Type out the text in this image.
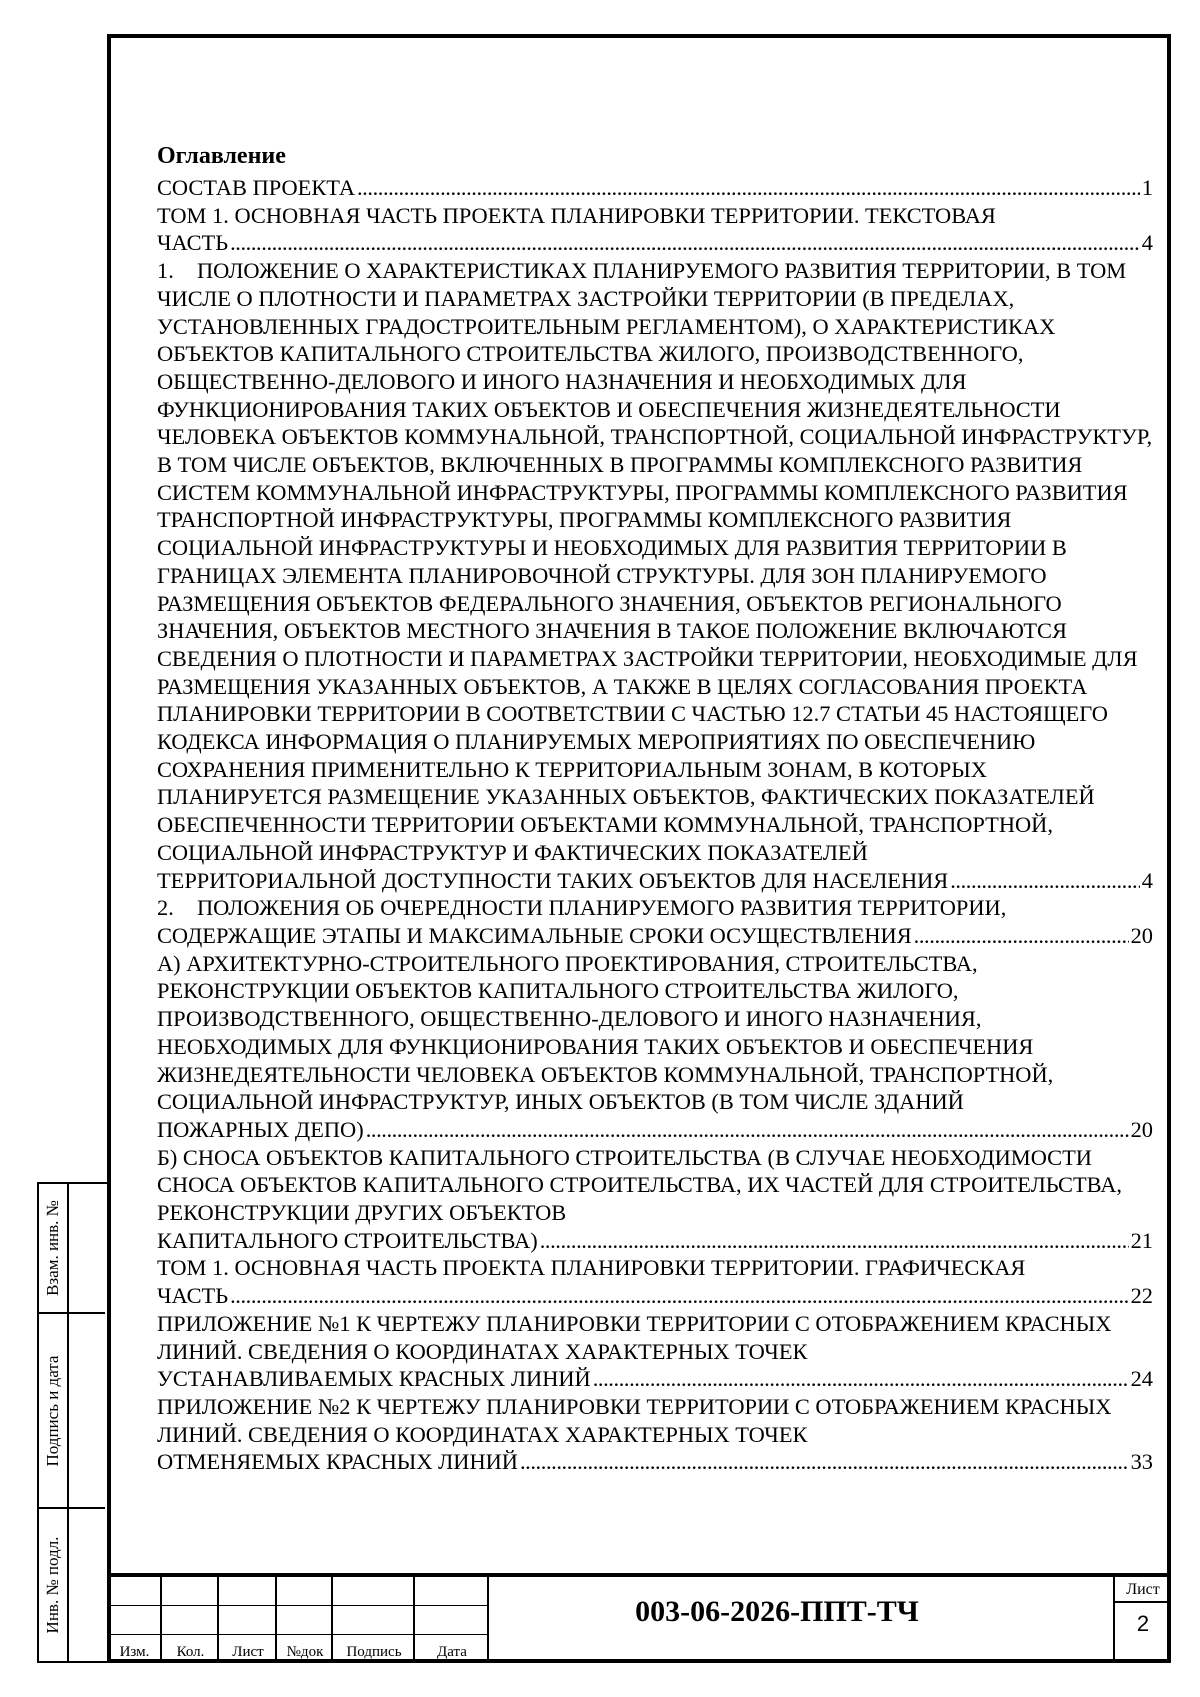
Взам. инв. №
Подпись и дата
Инв. № подл.
Оглавление
СОСТАВ ПРОЕКТА . . .	1
ТОМ 1. ОСНОВНАЯ ЧАСТЬ ПРОЕКТА ПЛАНИРОВКИ ТЕРРИТОРИИ. ТЕКСТОВАЯ
ЧАСТЬ . . .	4
1. ПОЛОЖЕНИЕ О ХАРАКТЕРИСТИКАХ ПЛАНИРУЕМОГО РАЗВИТИЯ ТЕРРИТОРИИ, В ТОМ ЧИСЛЕ О ПЛОТНОСТИ И ПАРАМЕТРАХ ЗАСТРОЙКИ ТЕРРИТОРИИ (В ПРЕДЕЛАХ, УСТАНОВЛЕННЫХ ГРАДОСТРОИТЕЛЬНЫМ РЕГЛАМЕНТОМ), О ХАРАКТЕРИСТИКАХ ОБЪЕКТОВ КАПИТАЛЬНОГО СТРОИТЕЛЬСТВА ЖИЛОГО, ПРОИЗВОДСТВЕННОГО, ОБЩЕСТВЕННО-ДЕЛОВОГО И ИНОГО НАЗНАЧЕНИЯ И НЕОБХОДИМЫХ ДЛЯ ФУНКЦИОНИРОВАНИЯ ТАКИХ ОБЪЕКТОВ И ОБЕСПЕЧЕНИЯ ЖИЗНЕДЕЯТЕЛЬНОСТИ ЧЕЛОВЕКА ОБЪЕКТОВ КОММУНАЛЬНОЙ, ТРАНСПОРТНОЙ, СОЦИАЛЬНОЙ ИНФРАСТРУКТУР, В ТОМ ЧИСЛЕ ОБЪЕКТОВ, ВКЛЮЧЕННЫХ В ПРОГРАММЫ КОМПЛЕКСНОГО РАЗВИТИЯ СИСТЕМ КОММУНАЛЬНОЙ ИНФРАСТРУКТУРЫ, ПРОГРАММЫ КОМПЛЕКСНОГО РАЗВИТИЯ ТРАНСПОРТНОЙ ИНФРАСТРУКТУРЫ, ПРОГРАММЫ КОМПЛЕКСНОГО РАЗВИТИЯ СОЦИАЛЬНОЙ ИНФРАСТРУКТУРЫ И НЕОБХОДИМЫХ ДЛЯ РАЗВИТИЯ ТЕРРИТОРИИ В ГРАНИЦАХ ЭЛЕМЕНТА ПЛАНИРОВОЧНОЙ СТРУКТУРЫ. ДЛЯ ЗОН ПЛАНИРУЕМОГО РАЗМЕЩЕНИЯ ОБЪЕКТОВ ФЕДЕРАЛЬНОГО ЗНАЧЕНИЯ, ОБЪЕКТОВ РЕГИОНАЛЬНОГО ЗНАЧЕНИЯ, ОБЪЕКТОВ МЕСТНОГО ЗНАЧЕНИЯ В ТАКОЕ ПОЛОЖЕНИЕ ВКЛЮЧАЮТСЯ СВЕДЕНИЯ О ПЛОТНОСТИ И ПАРАМЕТРАХ ЗАСТРОЙКИ ТЕРРИТОРИИ, НЕОБХОДИМЫЕ ДЛЯ РАЗМЕЩЕНИЯ УКАЗАННЫХ ОБЪЕКТОВ, А ТАКЖЕ В ЦЕЛЯХ СОГЛАСОВАНИЯ ПРОЕКТА ПЛАНИРОВКИ ТЕРРИТОРИИ В СООТВЕТСТВИИ С ЧАСТЬЮ 12.7 СТАТЬИ 45 НАСТОЯЩЕГО КОДЕКСА ИНФОРМАЦИЯ О ПЛАНИРУЕМЫХ МЕРОПРИЯТИЯХ ПО ОБЕСПЕЧЕНИЮ СОХРАНЕНИЯ ПРИМЕНИТЕЛЬНО К ТЕРРИТОРИАЛЬНЫМ ЗОНАМ, В КОТОРЫХ ПЛАНИРУЕТСЯ РАЗМЕЩЕНИЕ УКАЗАННЫХ ОБЪЕКТОВ, ФАКТИЧЕСКИХ ПОКАЗАТЕЛЕЙ ОБЕСПЕЧЕННОСТИ ТЕРРИТОРИИ ОБЪЕКТАМИ КОММУНАЛЬНОЙ, ТРАНСПОРТНОЙ, СОЦИАЛЬНОЙ ИНФРАСТРУКТУР И ФАКТИЧЕСКИХ ПОКАЗАТЕЛЕЙ
ТЕРРИТОРИАЛЬНОЙ ДОСТУПНОСТИ ТАКИХ ОБЪЕКТОВ ДЛЯ НАСЕЛЕНИЯ . . .	4
2. ПОЛОЖЕНИЯ ОБ ОЧЕРЕДНОСТИ ПЛАНИРУЕМОГО РАЗВИТИЯ ТЕРРИТОРИИ,
СОДЕРЖАЩИЕ ЭТАПЫ И МАКСИМАЛЬНЫЕ СРОКИ ОСУЩЕСТВЛЕНИЯ . . .	20
А) АРХИТЕКТУРНО-СТРОИТЕЛЬНОГО ПРОЕКТИРОВАНИЯ, СТРОИТЕЛЬСТВА, РЕКОНСТРУКЦИИ ОБЪЕКТОВ КАПИТАЛЬНОГО СТРОИТЕЛЬСТВА ЖИЛОГО, ПРОИЗВОДСТВЕННОГО, ОБЩЕСТВЕННО-ДЕЛОВОГО И ИНОГО НАЗНАЧЕНИЯ, НЕОБХОДИМЫХ ДЛЯ ФУНКЦИОНИРОВАНИЯ ТАКИХ ОБЪЕКТОВ И ОБЕСПЕЧЕНИЯ ЖИЗНЕДЕЯТЕЛЬНОСТИ ЧЕЛОВЕКА ОБЪЕКТОВ КОММУНАЛЬНОЙ, ТРАНСПОРТНОЙ, СОЦИАЛЬНОЙ ИНФРАСТРУКТУР, ИНЫХ ОБЪЕКТОВ (В ТОМ ЧИСЛЕ ЗДАНИЙ
ПОЖАРНЫХ ДЕПО) . . .	20
Б) СНОСА ОБЪЕКТОВ КАПИТАЛЬНОГО СТРОИТЕЛЬСТВА (В СЛУЧАЕ НЕОБХОДИМОСТИ СНОСА ОБЪЕКТОВ КАПИТАЛЬНОГО СТРОИТЕЛЬСТВА, ИХ ЧАСТЕЙ ДЛЯ СТРОИТЕЛЬСТВА, РЕКОНСТРУКЦИИ ДРУГИХ ОБЪЕКТОВ
КАПИТАЛЬНОГО СТРОИТЕЛЬСТВА) . . .	21
ТОМ 1. ОСНОВНАЯ ЧАСТЬ ПРОЕКТА ПЛАНИРОВКИ ТЕРРИТОРИИ. ГРАФИЧЕСКАЯ
ЧАСТЬ . . .	22
ПРИЛОЖЕНИЕ №1 К ЧЕРТЕЖУ ПЛАНИРОВКИ ТЕРРИТОРИИ С ОТОБРАЖЕНИЕМ КРАСНЫХ ЛИНИЙ. СВЕДЕНИЯ О КООРДИНАТАХ ХАРАКТЕРНЫХ ТОЧЕК
УСТАНАВЛИВАЕМЫХ КРАСНЫХ ЛИНИЙ . . .	24
ПРИЛОЖЕНИЕ №2 К ЧЕРТЕЖУ ПЛАНИРОВКИ ТЕРРИТОРИИ С ОТОБРАЖЕНИЕМ КРАСНЫХ ЛИНИЙ. СВЕДЕНИЯ О КООРДИНАТАХ ХАРАКТЕРНЫХ ТОЧЕК
ОТМЕНЯЕМЫХ КРАСНЫХ ЛИНИЙ . . .	33
Изм.	Кол.	Лист	№док	Подпись	Дата
003-06-2026-ППТ-ТЧ
Лист
2
